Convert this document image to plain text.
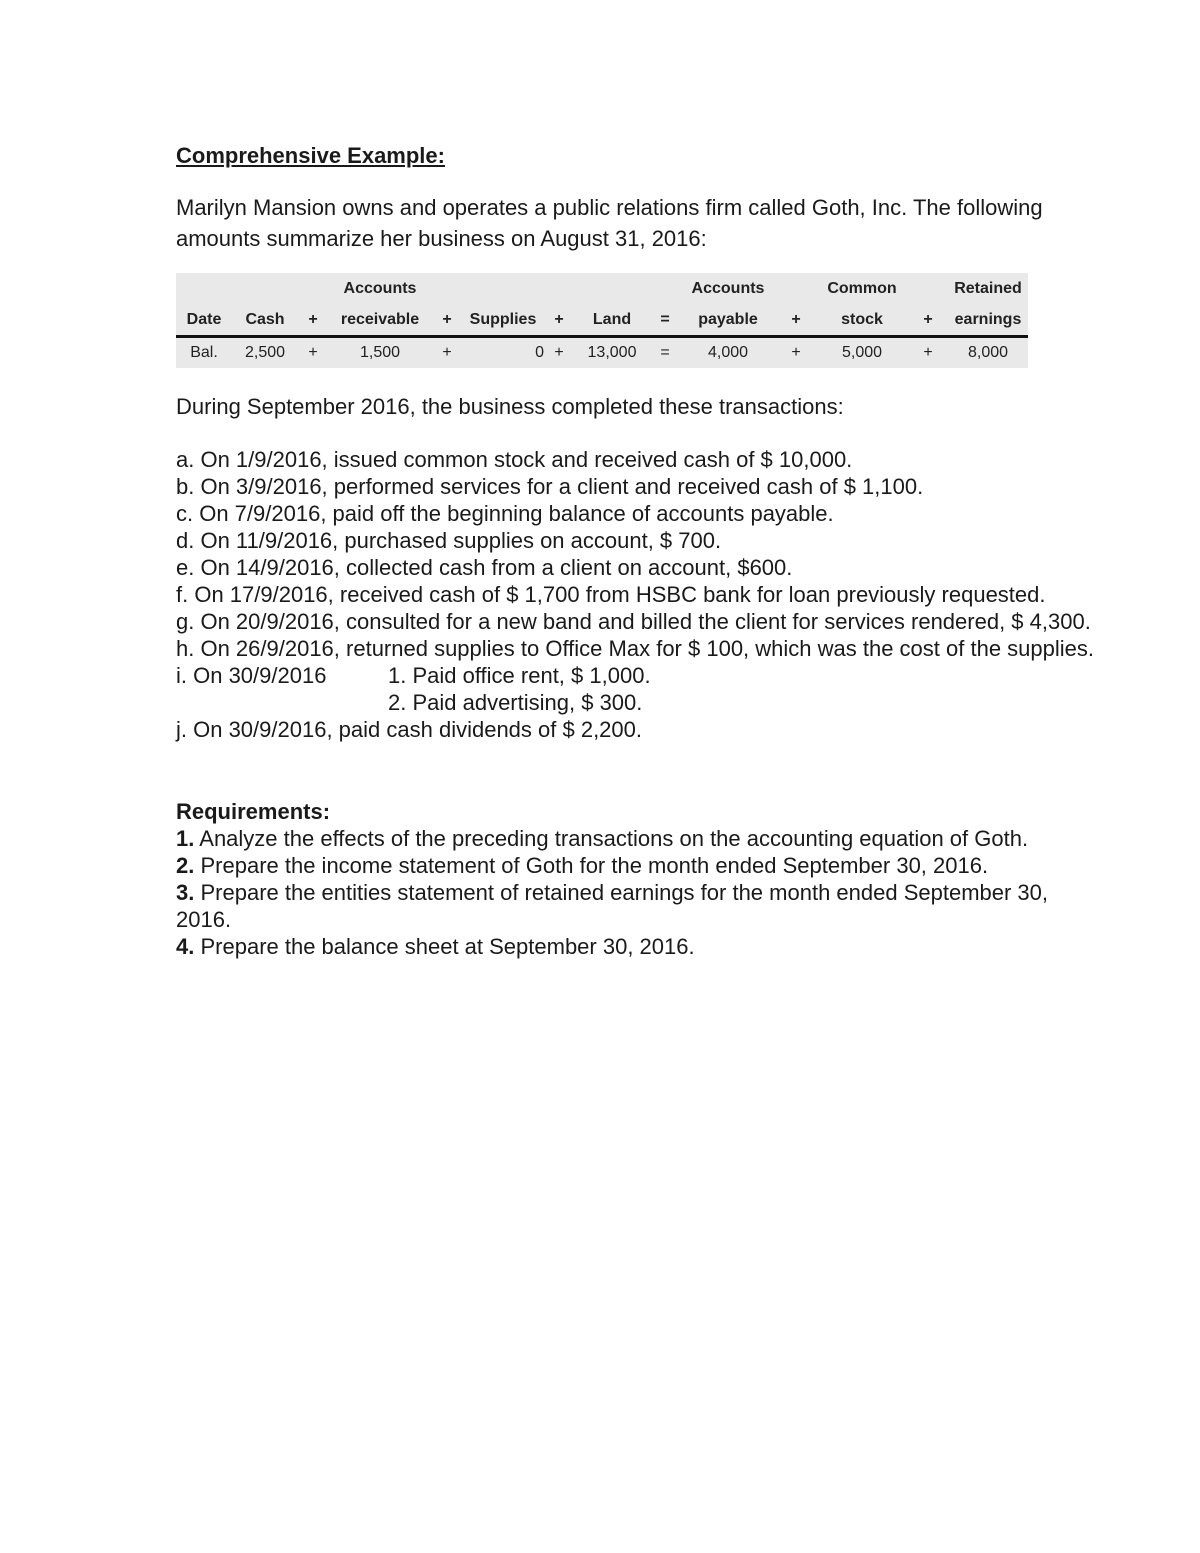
Comprehensive Example:

Marilyn Mansion owns and operates a public relations firm called Goth, Inc. The following amounts summarize her business on August 31, 2016:

			Accounts						Accounts		Common		Retained
Date	Cash	+	receivable	+	Supplies	+	Land	=	payable	+	stock	+	earnings
Bal.	2,500	+	1,500	+	0	+	13,000	=	4,000	+	5,000	+	8,000

During September 2016, the business completed these transactions:

a. On 1/9/2016, issued common stock and received cash of $ 10,000.

b. On 3/9/2016, performed services for a client and received cash of $ 1,100.

c. On 7/9/2016, paid off the beginning balance of accounts payable.

d. On 11/9/2016, purchased supplies on account, $ 700.

e. On 14/9/2016, collected cash from a client on account, $600.

f. On 17/9/2016, received cash of $ 1,700 from HSBC bank for loan previously requested.

g. On 20/9/2016, consulted for a new band and billed the client for services rendered, $ 4,300.

h. On 26/9/2016, returned supplies to Office Max for $ 100, which was the cost of the supplies.

i. On 30/9/2016	1. Paid office rent, $ 1,000.
2. Paid advertising, $ 300.

j. On 30/9/2016, paid cash dividends of $ 2,200.

Requirements:

1. Analyze the effects of the preceding transactions on the accounting equation of Goth.

2. Prepare the income statement of Goth for the month ended September 30, 2016.

3. Prepare the entities statement of retained earnings for the month ended September 30, 2016.

4. Prepare the balance sheet at September 30, 2016.
